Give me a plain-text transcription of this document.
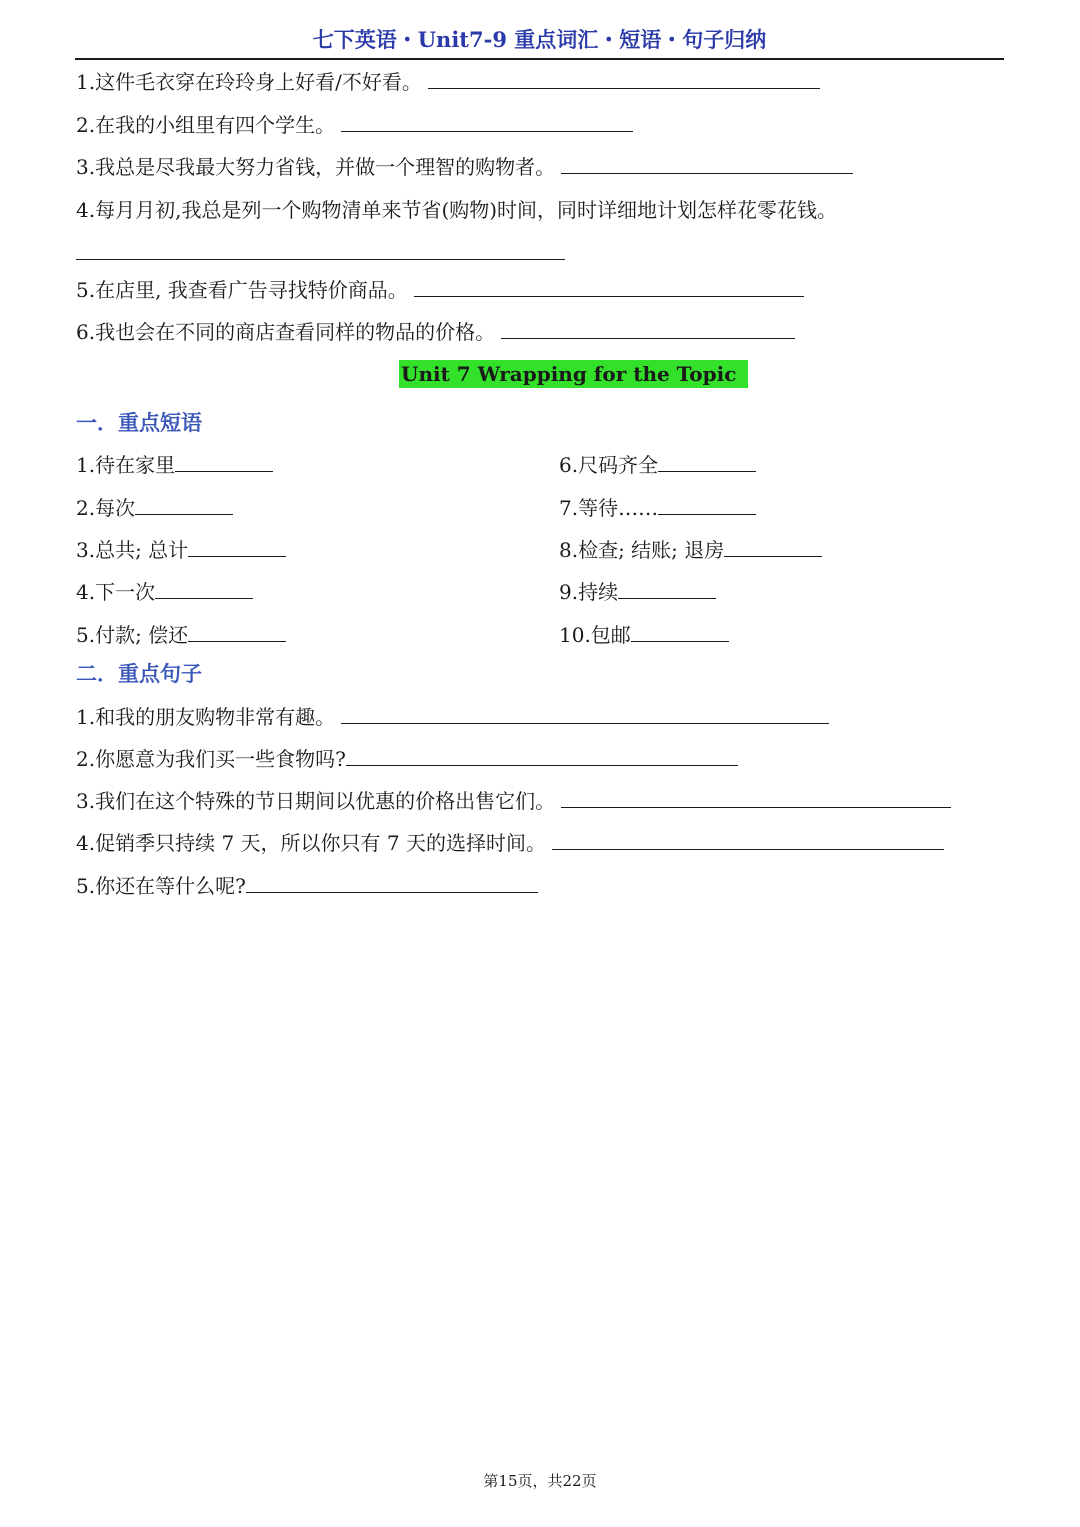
七下英语・Unit7-9 重点词汇・短语・句子归纳
1.这件毛衣穿在玲玲身上好看/不好看。
2.在我的小组里有四个学生。
3.我总是尽我最大努力省钱，并做一个理智的购物者。
4.每月月初,我总是列一个购物清单来节省(购物)时间，同时详细地计划怎样花零花钱。
5.在店里, 我查看广告寻找特价商品。
6.我也会在不同的商店查看同样的物品的价格。
Unit 7 Wrapping for the Topic
一．重点短语
1.待在家里	6.尺码齐全
2.每次	7.等待……
3.总共; 总计	8.检查; 结账; 退房
4.下一次	9.持续
5.付款; 偿还	10.包邮
二．重点句子
1.和我的朋友购物非常有趣。
2.你愿意为我们买一些食物吗?
3.我们在这个特殊的节日期间以优惠的价格出售它们。
4.促销季只持续 7 天，所以你只有 7 天的选择时间。
5.你还在等什么呢?
第15页，共22页
